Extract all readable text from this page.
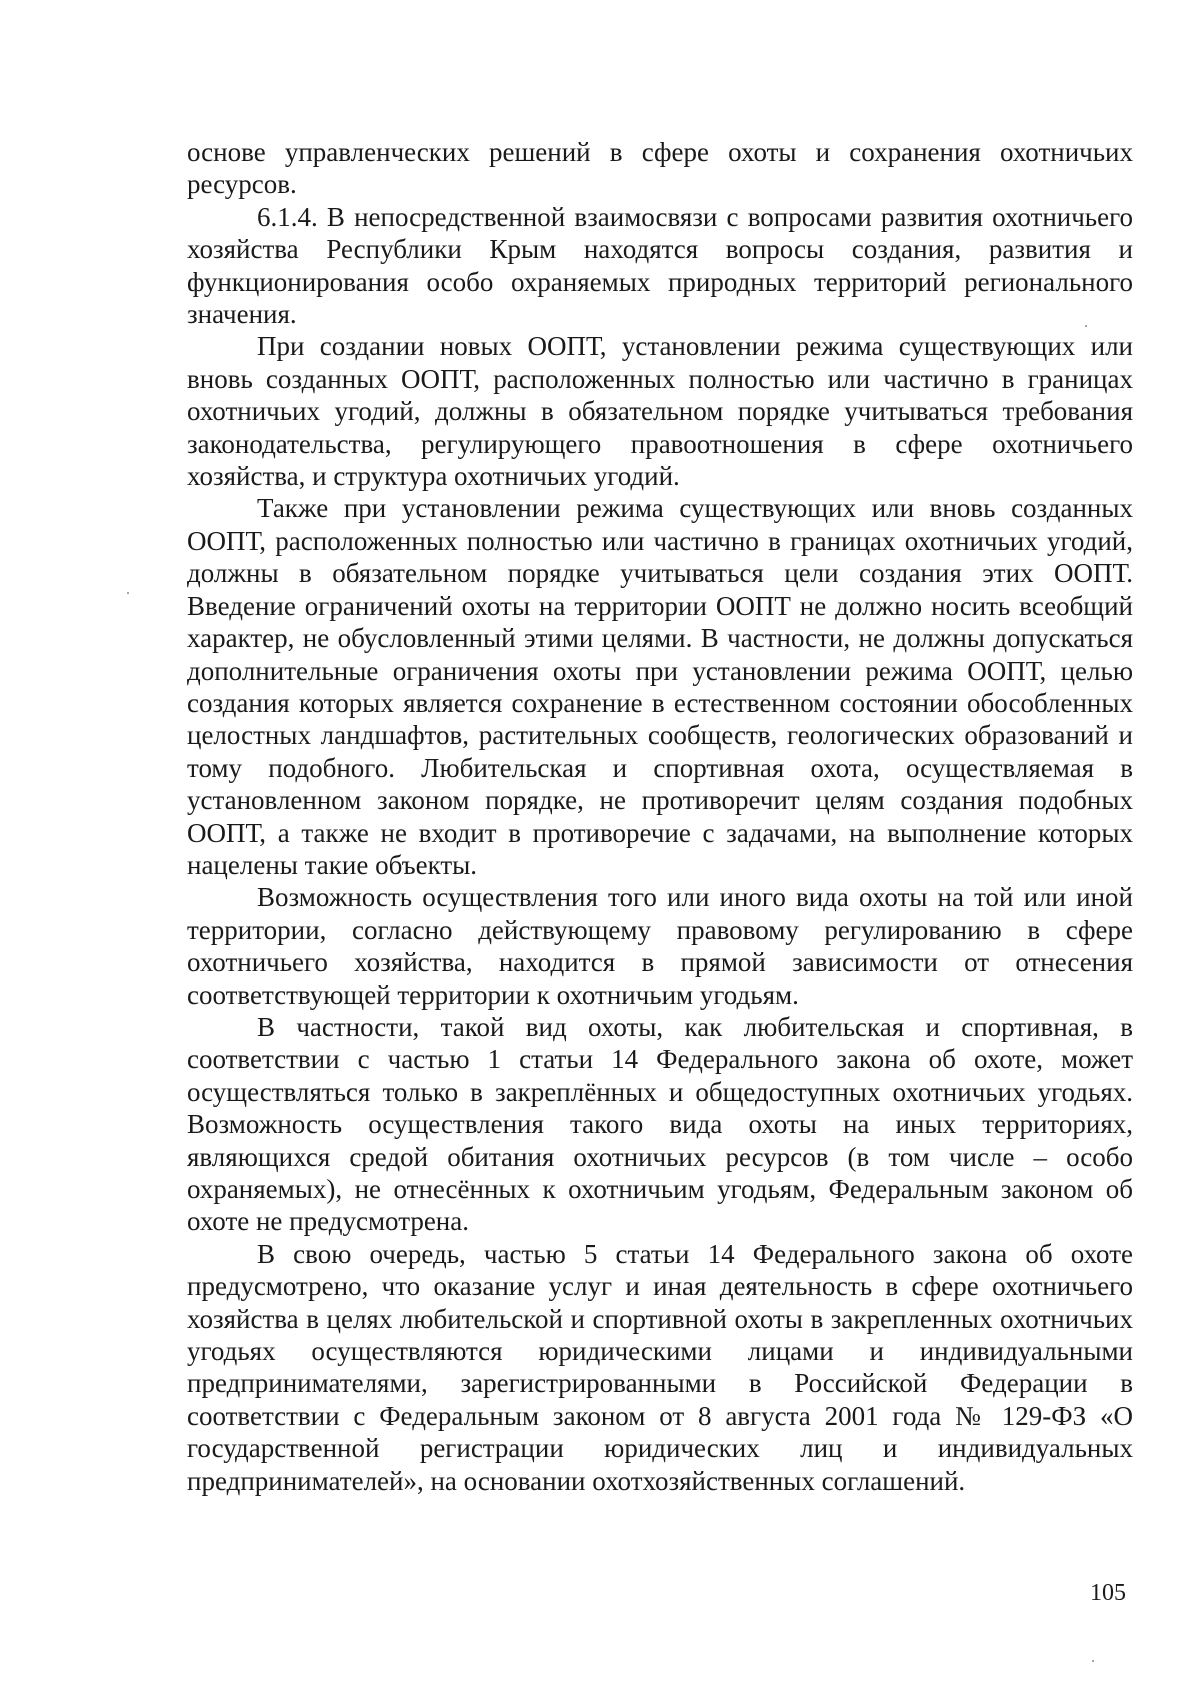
основе управленческих решений в сфере охоты и сохранения охотничьих ресурсов.

6.1.4. В непосредственной взаимосвязи с вопросами развития охотничьего хозяйства Республики Крым находятся вопросы создания, развития и функционирования особо охраняемых природных территорий регионального значения.

При создании новых ООПТ, установлении режима существующих или вновь созданных ООПТ, расположенных полностью или частично в границах охотничьих угодий, должны в обязательном порядке учитываться требования законодательства, регулирующего правоотношения в сфере охотничьего хозяйства, и структура охотничьих угодий.

Также при установлении режима существующих или вновь созданных ООПТ, расположенных полностью или частично в границах охотничьих угодий, должны в обязательном порядке учитываться цели создания этих ООПТ. Введение ограничений охоты на территории ООПТ не должно носить всеобщий характер, не обусловленный этими целями. В частности, не должны допускаться дополнительные ограничения охоты при установлении режима ООПТ, целью создания которых является сохранение в естественном состоянии обособленных целостных ландшафтов, растительных сообществ, геологических образований и тому подобного. Любительская и спортивная охота, осуществляемая в установленном законом порядке, не противоречит целям создания подобных ООПТ, а также не входит в противоречие с задачами, на выполнение которых нацелены такие объекты.

Возможность осуществления того или иного вида охоты на той или иной территории, согласно действующему правовому регулированию в сфере охотничьего хозяйства, находится в прямой зависимости от отнесения соответствующей территории к охотничьим угодьям.

В частности, такой вид охоты, как любительская и спортивная, в соответствии с частью 1 статьи 14 Федерального закона об охоте, может осуществляться только в закреплённых и общедоступных охотничьих угодьях. Возможность осуществления такого вида охоты на иных территориях, являющихся средой обитания охотничьих ресурсов (в том числе – особо охраняемых), не отнесённых к охотничьим угодьям, Федеральным законом об охоте не предусмотрена.

В свою очередь, частью 5 статьи 14 Федерального закона об охоте предусмотрено, что оказание услуг и иная деятельность в сфере охотничьего хозяйства в целях любительской и спортивной охоты в закрепленных охотничьих угодьях осуществляются юридическими лицами и индивидуальными предпринимателями, зарегистрированными в Российской Федерации в соответствии с Федеральным законом от 8 августа 2001 года № 129-ФЗ «О государственной регистрации юридических лиц и индивидуальных предпринимателей», на основании охотхозяйственных соглашений.

105
